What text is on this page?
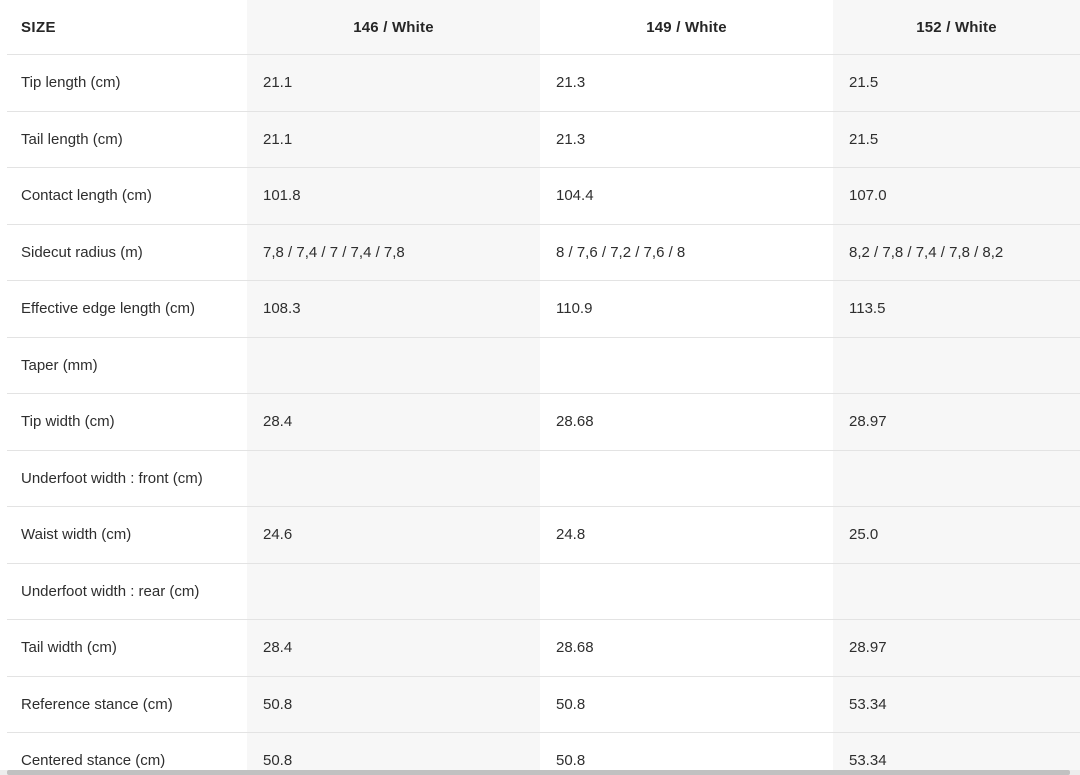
SIZE	146 / White	149 / White	152 / White
Tip length (cm)	21.1	21.3	21.5
Tail length (cm)	21.1	21.3	21.5
Contact length (cm)	101.8	104.4	107.0
Sidecut radius (m)	7,8 / 7,4 / 7 / 7,4 / 7,8	8 / 7,6 / 7,2 / 7,6 / 8	8,2 / 7,8 / 7,4 / 7,8 / 8,2
Effective edge length (cm)	108.3	110.9	113.5
Taper (mm)			
Tip width (cm)	28.4	28.68	28.97
Underfoot width : front (cm)			
Waist width (cm)	24.6	24.8	25.0
Underfoot width : rear (cm)			
Tail width (cm)	28.4	28.68	28.97
Reference stance (cm)	50.8	50.8	53.34
Centered stance (cm)	50.8	50.8	53.34
